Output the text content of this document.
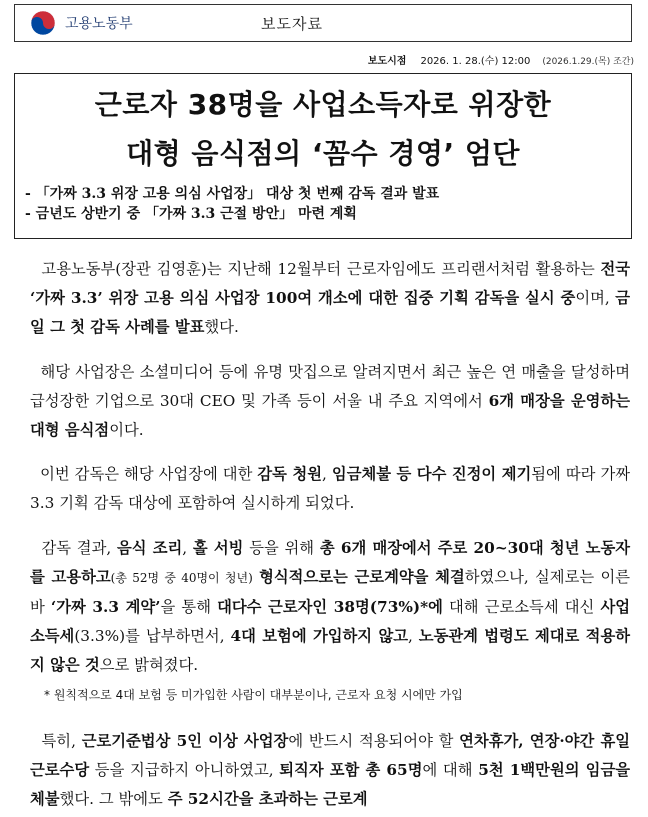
고용노동부	보도자료
보도시점 2026. 1. 28.(수) 12:00 (2026.1.29.(목) 조간)
근로자 38명을 사업소득자로 위장한
대형 음식점의 ‘꼼수 경영’ 엄단
- 「가짜 3.3 위장 고용 의심 사업장」 대상 첫 번째 감독 결과 발표
- 금년도 상반기 중 「가짜 3.3 근절 방안」 마련 계획
고용노동부(장관 김영훈)는 지난해 12월부터 근로자임에도 프리랜서처럼 활용하는 전국 ‘가짜 3.3’ 위장 고용 의심 사업장 100여 개소에 대한 집중 기획 감독을 실시 중이며, 금일 그 첫 감독 사례를 발표했다.
해당 사업장은 소셜미디어 등에 유명 맛집으로 알려지면서 최근 높은 연 매출을 달성하며 급성장한 기업으로 30대 CEO 및 가족 등이 서울 내 주요 지역에서 6개 매장을 운영하는 대형 음식점이다.
이번 감독은 해당 사업장에 대한 감독 청원, 임금체불 등 다수 진정이 제기됨에 따라 가짜 3.3 기획 감독 대상에 포함하여 실시하게 되었다.
감독 결과, 음식 조리, 홀 서빙 등을 위해 총 6개 매장에서 주로 20~30대 청년 노동자를 고용하고(총 52명 중 40명이 청년) 형식적으로는 근로계약을 체결하였으나, 실제로는 이른바 ‘가짜 3.3 계약’을 통해 대다수 근로자인 38명(73%)*에 대해 근로소득세 대신 사업소득세(3.3%)를 납부하면서, 4대 보험에 가입하지 않고, 노동관계 법령도 제대로 적용하지 않은 것으로 밝혀졌다.
* 원칙적으로 4대 보험 등 미가입한 사람이 대부분이나, 근로자 요청 시에만 가입
특히, 근로기준법상 5인 이상 사업장에 반드시 적용되어야 할 연차휴가, 연장·야간 휴일근로수당 등을 지급하지 아니하였고, 퇴직자 포함 총 65명에 대해 5천 1백만원의 임금을 체불했다. 그 밖에도 주 52시간을 초과하는 근로계
